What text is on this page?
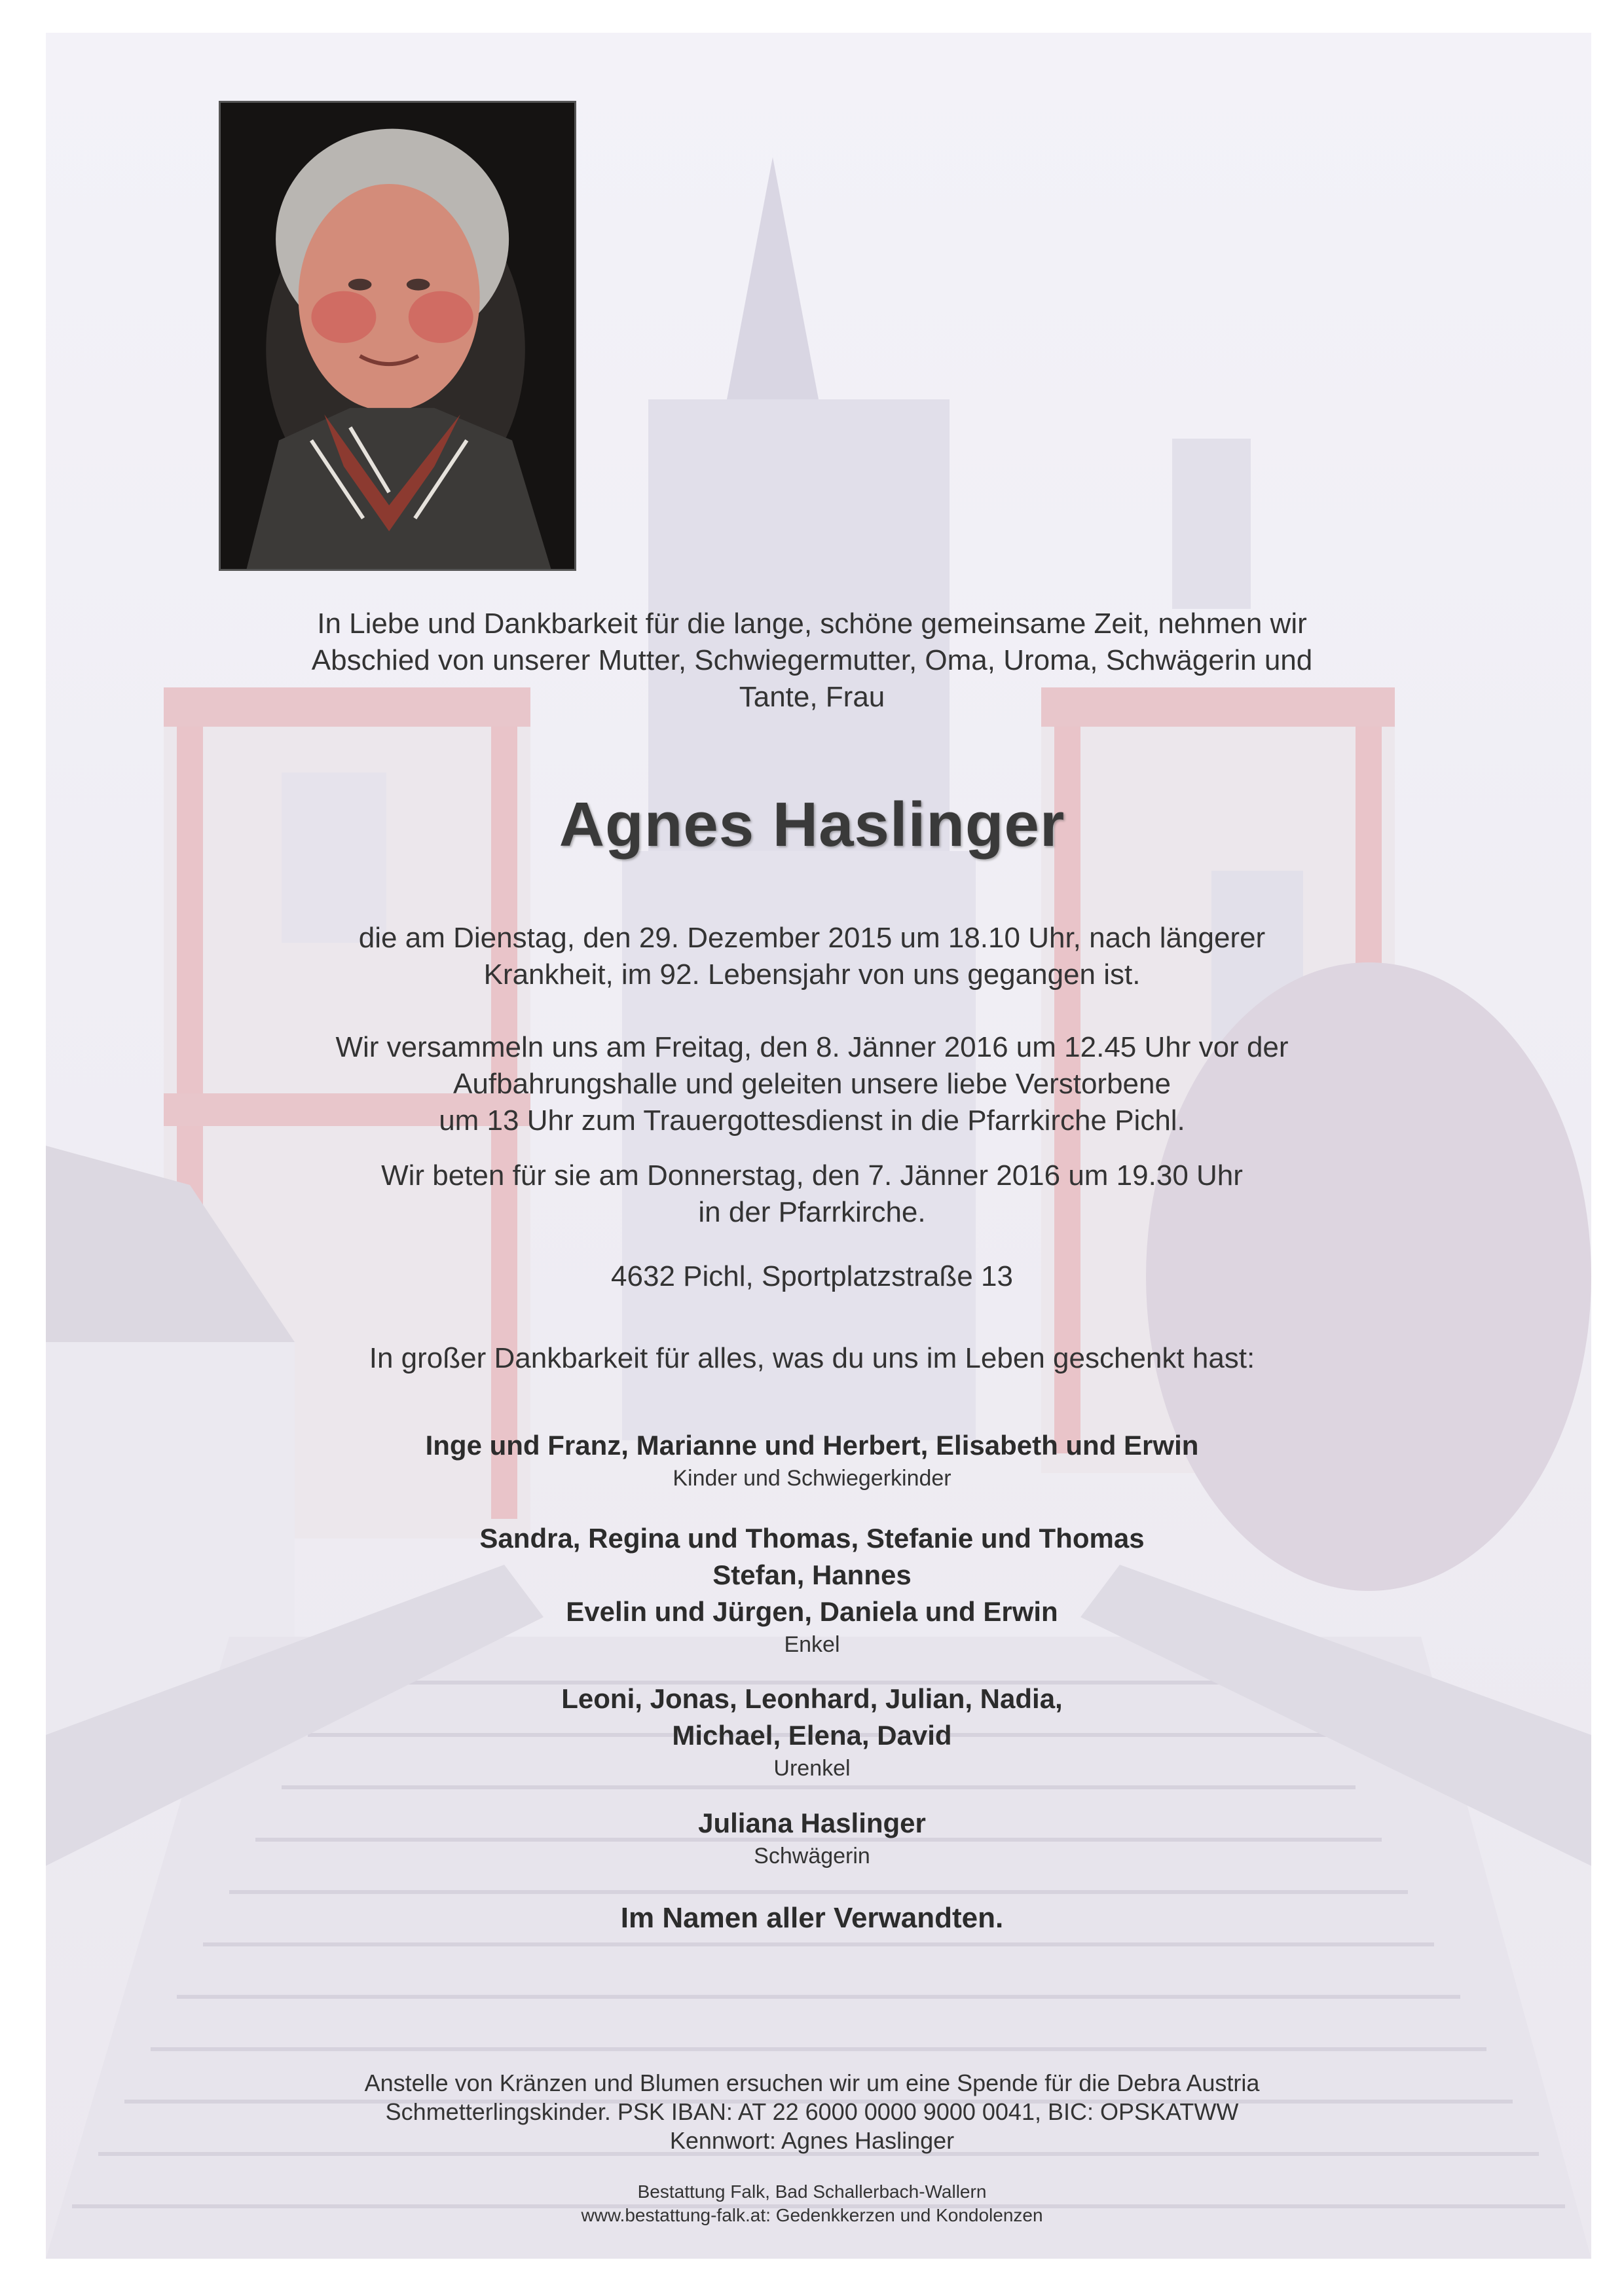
In Liebe und Dankbarkeit für die lange, schöne gemeinsame Zeit, nehmen wir
Abschied von unserer Mutter, Schwiegermutter, Oma, Uroma, Schwägerin und
Tante, Frau
Agnes Haslinger
die am Dienstag, den 29. Dezember 2015 um 18.10 Uhr, nach längerer
Krankheit, im 92. Lebensjahr von uns gegangen ist.
Wir versammeln uns am Freitag, den 8. Jänner 2016 um 12.45 Uhr vor der
Aufbahrungshalle und geleiten unsere liebe Verstorbene
um 13 Uhr zum Trauergottesdienst in die Pfarrkirche Pichl.
Wir beten für sie am Donnerstag, den 7. Jänner 2016 um 19.30 Uhr
in der Pfarrkirche.
4632 Pichl, Sportplatzstraße 13
In großer Dankbarkeit für alles, was du uns im Leben geschenkt hast:
Inge und Franz, Marianne und Herbert, Elisabeth und Erwin
Kinder und Schwiegerkinder
Sandra, Regina und Thomas, Stefanie und Thomas
Stefan, Hannes
Evelin und Jürgen, Daniela und Erwin
Enkel
Leoni, Jonas, Leonhard, Julian, Nadia,
Michael, Elena, David
Urenkel
Juliana Haslinger
Schwägerin
Im Namen aller Verwandten.
Anstelle von Kränzen und Blumen ersuchen wir um eine Spende für die Debra Austria
Schmetterlingskinder. PSK IBAN: AT 22 6000 0000 9000 0041, BIC: OPSKATWW
Kennwort: Agnes Haslinger
Bestattung Falk, Bad Schallerbach-Wallern
www.bestattung-falk.at: Gedenkkerzen und Kondolenzen
